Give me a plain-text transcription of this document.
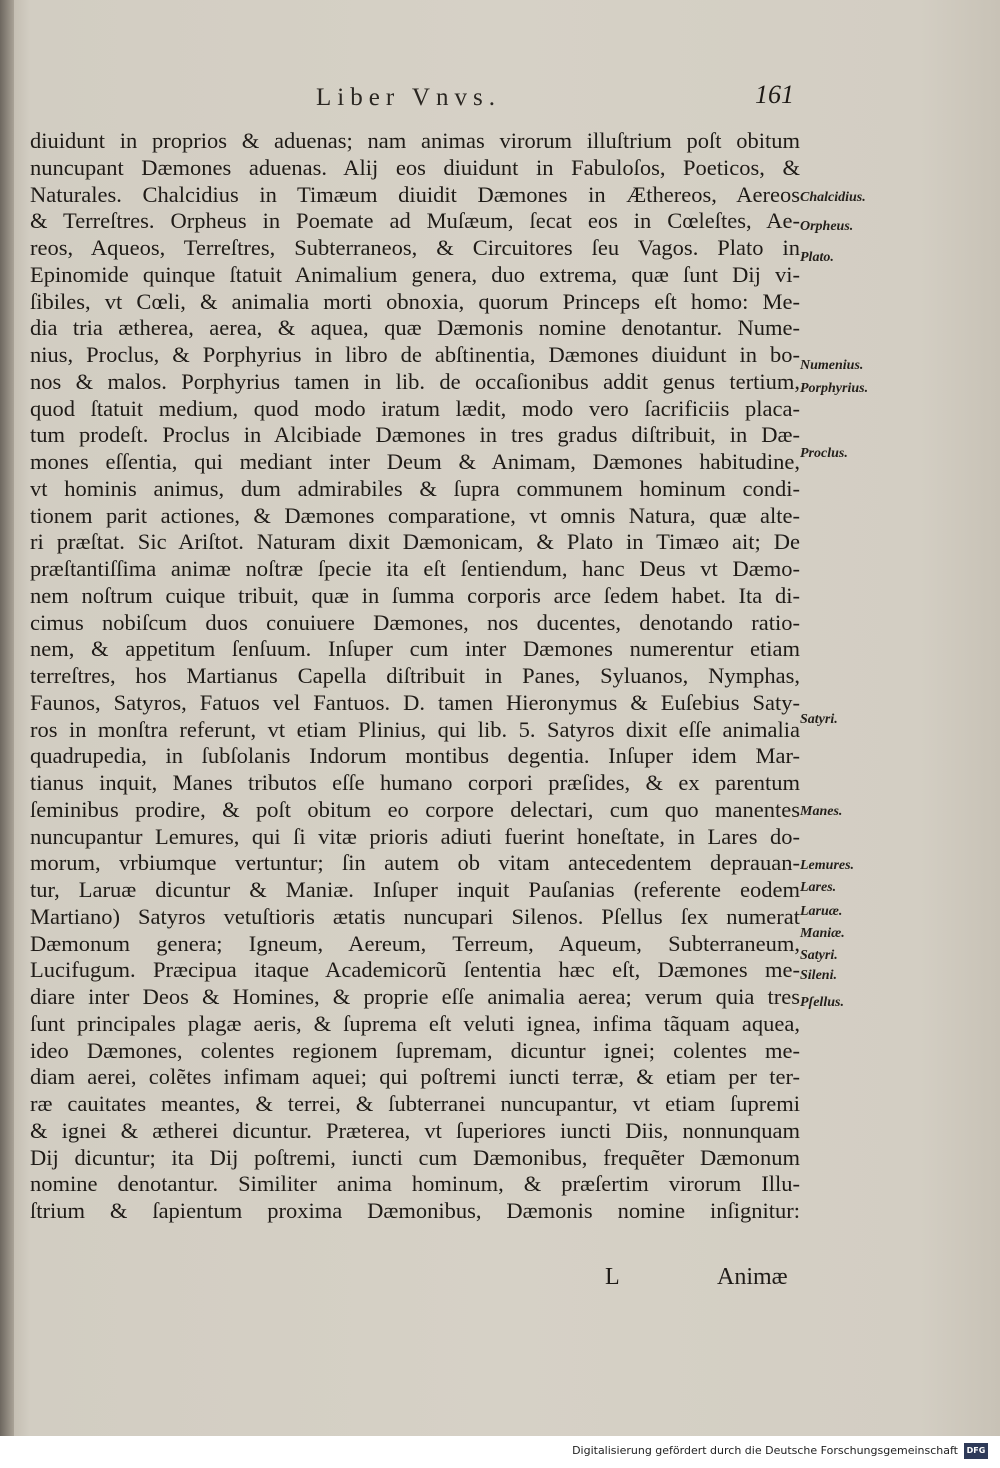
Liber Vnvs.	161
diuidunt in proprios & aduenas; nam animas virorum illuſtrium poſt obitum
nuncupant Dæmones aduenas. Alij eos diuidunt in Fabuloſos, Poeticos, &
Naturales. Chalcidius in Timæum diuidit Dæmones in Æthereos, Aereos
& Terreſtres. Orpheus in Poemate ad Muſæum, ſecat eos in Cœleſtes, Ae-
reos, Aqueos, Terreſtres, Subterraneos, & Circuitores ſeu Vagos. Plato in
Epinomide quinque ſtatuit Animalium genera, duo extrema, quæ ſunt Dij vi-
ſibiles, vt Cœli, & animalia morti obnoxia, quorum Princeps eſt homo: Me-
dia tria ætherea, aerea, & aquea, quæ Dæmonis nomine denotantur. Nume-
nius, Proclus, & Porphyrius in libro de abſtinentia, Dæmones diuidunt in bo-
nos & malos. Porphyrius tamen in lib. de occaſionibus addit genus tertium,
quod ſtatuit medium, quod modo iratum lædit, modo vero ſacrificiis placa-
tum prodeſt. Proclus in Alcibiade Dæmones in tres gradus diſtribuit, in Dæ-
mones eſſentia, qui mediant inter Deum & Animam, Dæmones habitudine,
vt hominis animus, dum admirabiles & ſupra communem hominum condi-
tionem parit actiones, & Dæmones comparatione, vt omnis Natura, quæ alte-
ri præſtat. Sic Ariſtot. Naturam dixit Dæmonicam, & Plato in Timæo ait; De
præſtantiſſima animæ noſtræ ſpecie ita eſt ſentiendum, hanc Deus vt Dæmo-
nem noſtrum cuique tribuit, quæ in ſumma corporis arce ſedem habet. Ita di-
cimus nobiſcum duos conuiuere Dæmones, nos ducentes, denotando ratio-
nem, & appetitum ſenſuum. Inſuper cum inter Dæmones numerentur etiam
terreſtres, hos Martianus Capella diſtribuit in Panes, Syluanos, Nymphas,
Faunos, Satyros, Fatuos vel Fantuos. D. tamen Hieronymus & Euſebius Saty-
ros in monſtra referunt, vt etiam Plinius, qui lib. 5. Satyros dixit eſſe animalia
quadrupedia, in ſubſolanis Indorum montibus degentia. Inſuper idem Mar-
tianus inquit, Manes tributos eſſe humano corpori præſides, & ex parentum
ſeminibus prodire, & poſt obitum eo corpore delectari, cum quo manentes
nuncupantur Lemures, qui ſi vitæ prioris adiuti fuerint honeſtate, in Lares do-
morum, vrbiumque vertuntur; ſin autem ob vitam antecedentem deprauan-
tur, Laruæ dicuntur & Maniæ. Inſuper inquit Pauſanias (referente eodem
Martiano) Satyros vetuſtioris ætatis nuncupari Silenos. Pſellus ſex numerat
Dæmonum genera; Igneum, Aereum, Terreum, Aqueum, Subterraneum,
Lucifugum. Præcipua itaque Academicorũ ſententia hæc eſt, Dæmones me-
diare inter Deos & Homines, & proprie eſſe animalia aerea; verum quia tres
ſunt principales plagæ aeris, & ſuprema eſt veluti ignea, infima tãquam aquea,
ideo Dæmones, colentes regionem ſupremam, dicuntur ignei; colentes me-
diam aerei, colẽtes infimam aquei; qui poſtremi iuncti terræ, & etiam per ter-
ræ cauitates meantes, & terrei, & ſubterranei nuncupantur, vt etiam ſupremi
& ignei & ætherei dicuntur. Præterea, vt ſuperiores iuncti Diis, nonnunquam
Dij dicuntur; ita Dij poſtremi, iuncti cum Dæmonibus, frequẽter Dæmonum
nomine denotantur. Similiter anima hominum, & præſertim virorum Illu-
ſtrium & ſapientum proxima Dæmonibus, Dæmonis nomine inſignitur:
Chalcidius.
Orpheus.
Plato.
Numenius.
Porphyrius.
Proclus.
Satyri.
Manes.
Lemures.
Lares.
Laruæ.
Maniæ.
Satyri.
Sileni.
Pſellus.
L	Animæ
Digitalisierung gefördert durch die Deutsche Forschungsgemeinschaft	DFG
